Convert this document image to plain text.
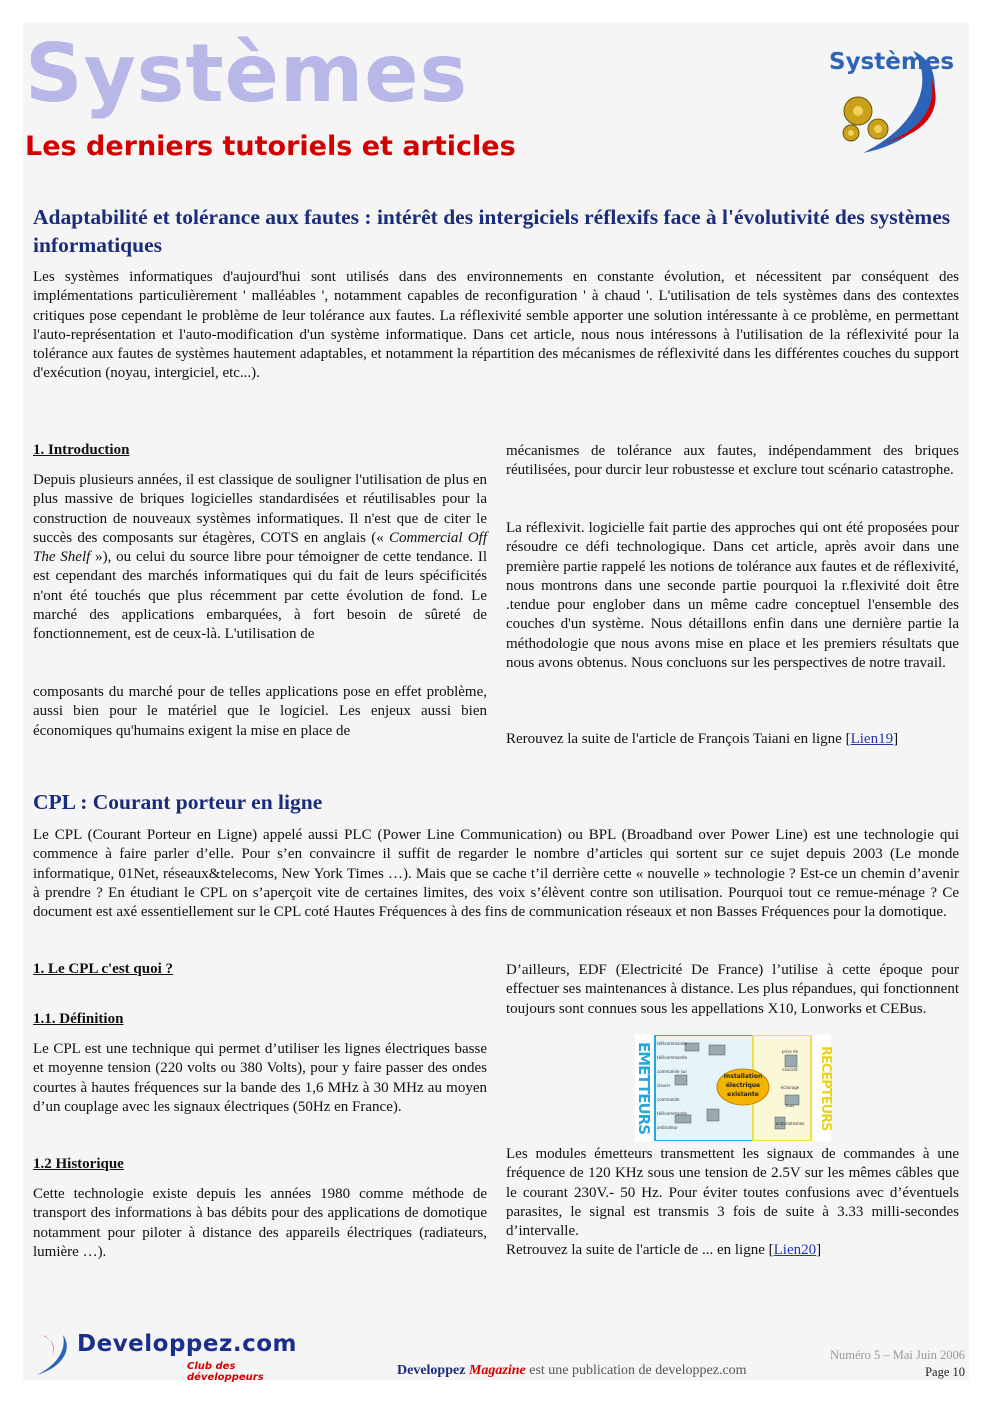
Systèmes
Les derniers tutoriels et articles
Systèmes
Adaptabilité et tolérance aux fautes : intérêt des intergiciels réflexifs face à l'évolutivité des systèmes informatiques

Les systèmes informatiques d'aujourd'hui sont utilisés dans des environnements en constante évolution, et nécessitent par conséquent des implémentations particulièrement ' malléables ', notamment capables de reconfiguration ' à chaud '. L'utilisation de tels systèmes dans des contextes critiques pose cependant le problème de leur tolérance aux fautes. La réflexivité semble apporter une solution intéressante à ce problème, en permettant l'auto-représentation et l'auto-modification d'un système informatique. Dans cet article, nous nous intéressons à l'utilisation de la réflexivité pour la tolérance aux fautes de systèmes hautement adaptables, et notamment la répartition des mécanismes de réflexivité dans les différentes couches du support d'exécution (noyau, intergiciel, etc...).

1. Introduction

Depuis plusieurs années, il est classique de souligner l'utilisation de plus en plus massive de briques logicielles standardisées et réutilisables pour la construction de nouveaux systèmes informatiques. Il n'est que de citer le succès des composants sur étagères, COTS en anglais (« Commercial Off The Shelf »), ou celui du source libre pour témoigner de cette tendance. Il est cependant des marchés informatiques qui du fait de leurs spécificités n'ont été touchés que plus récemment par cette évolution de fond. Le marché des applications embarquées, à fort besoin de sûreté de fonctionnement, est de ceux-là. L'utilisation de

composants du marché pour de telles applications pose en effet problème, aussi bien pour le matériel que le logiciel. Les enjeux aussi bien économiques qu'humains exigent la mise en place de

mécanismes de tolérance aux fautes, indépendamment des briques réutilisées, pour durcir leur robustesse et exclure tout scénario catastrophe.

La réflexivit. logicielle fait partie des approches qui ont été proposées pour résoudre ce défi technologique. Dans cet article, après avoir dans une première partie rappelé les notions de tolérance aux fautes et de réflexivité, nous montrons dans une seconde partie pourquoi la r.flexivité doit être .tendue pour englober dans un même cadre conceptuel l'ensemble des couches d'un système. Nous détaillons enfin dans une dernière partie la méthodologie que nous avons mise en place et les premiers résultats que nous avons obtenus. Nous concluons sur les perspectives de notre travail.

Rerouvez la suite de l'article de François Taiani en ligne [Lien19]

CPL : Courant porteur en ligne

Le CPL (Courant Porteur en Ligne) appelé aussi PLC (Power Line Communication) ou BPL (Broadband over Power Line) est une technologie qui commence à faire parler d’elle. Pour s’en convaincre il suffit de regarder le nombre d’articles qui sortent sur ce sujet depuis 2003 (Le monde informatique, 01Net, réseaux&telecoms, New York Times …). Mais que se cache t’il derrière cette « nouvelle » technologie ? Est-ce un chemin d’avenir à prendre ? En étudiant le CPL on s’aperçoit vite de certaines limites, des voix s’élèvent contre son utilisation. Pourquoi tout ce remue-ménage ? Ce document est axé essentiellement sur le CPL coté Hautes Fréquences à des fins de communication réseaux et non Basses Fréquences pour la domotique.

1. Le CPL c'est quoi ?
1.1. Définition

Le CPL est une technique qui permet d’utiliser les lignes électriques basse et moyenne tension (220 volts ou 380 Volts), pour y faire passer des ondes courtes à hautes fréquences sur la bande des 1,6 MHz à 30 MHz au moyen d’un couplage avec les signaux électriques (50Hz en France).

1.2 Historique

Cette technologie existe depuis les années 1980 comme méthode de transport des informations à bas débits pour des applications de domotique notamment pour piloter à distance des appareils électriques (radiateurs, lumière …).

D’ailleurs, EDF (Electricité De France) l’utilise à cette époque pour effectuer ses maintenances à distance. Les plus répandues, qui fonctionnent toujours sont connues sous les appellations X10, Lonworks et CEBus.

EMETTEURS	RECEPTEURS
Installation
électrique
existante
télécommande
télécommande
commande sur
clavier
commande
télécommande
ordinateur
prise de
courant
éclairage
tous
automatismes

Les modules émetteurs transmettent les signaux de commandes à une fréquence de 120 KHz sous une tension de 2.5V sur les mêmes câbles que le courant 230V.- 50 Hz. Pour éviter toutes confusions avec d’éventuels parasites, le signal est transmis 3 fois de suite à 3.33 milli-secondes d’intervalle.

Retrouvez la suite de l'article de ... en ligne [Lien20]

Developpez.com
Club des développeurs	Developpez Magazine est une publication de developpez.com
Numéro 5 – Mai Juin 2006
Page 10
